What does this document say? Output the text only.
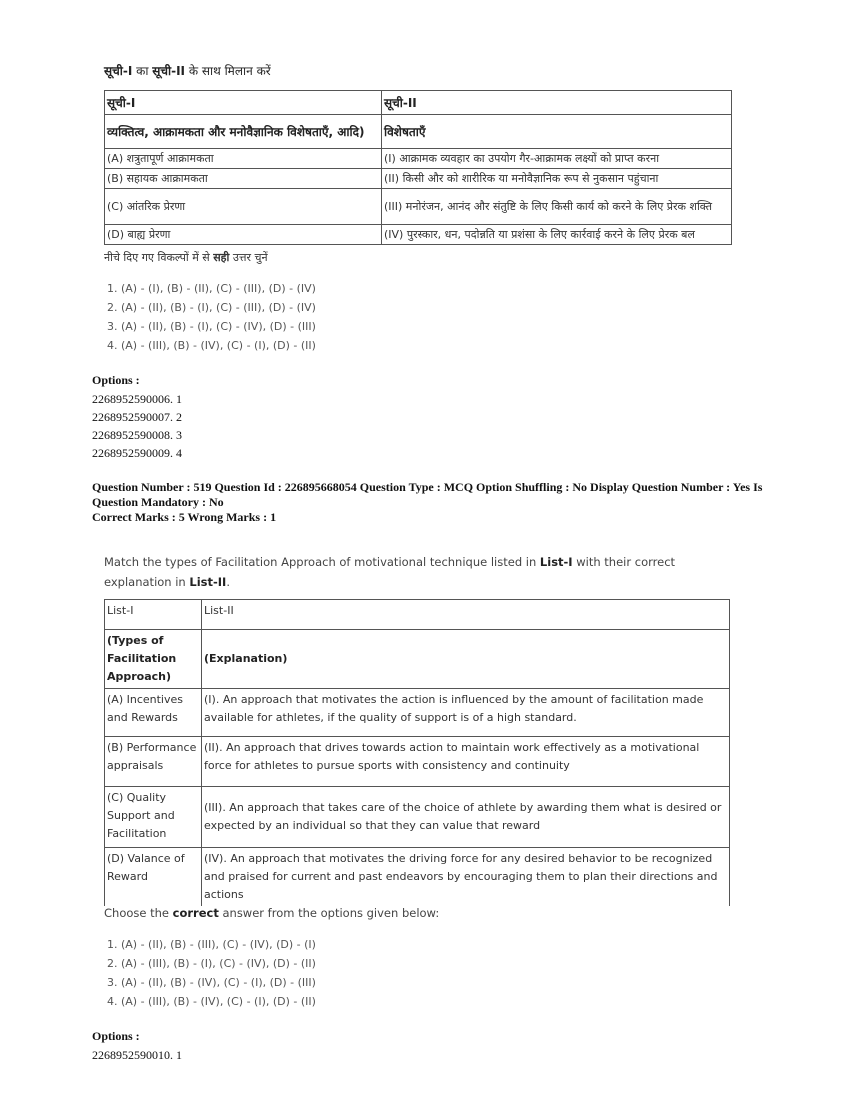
सूची-I का सूची-II के साथ मिलान करें
सूची-I	सूची-II
व्यक्तित्व, आक्रामकता और मनोवैज्ञानिक विशेषताएँ, आदि)	विशेषताएँ
(A) शत्रुतापूर्ण आक्रामकता	(I) आक्रामक व्यवहार का उपयोग गैर-आक्रामक लक्ष्यों को प्राप्त करना
(B) सहायक आक्रामकता	(II) किसी और को शारीरिक या मनोवैज्ञानिक रूप से नुकसान पहुंचाना
(C) आंतरिक प्रेरणा	(III) मनोरंजन, आनंद और संतुष्टि के लिए किसी कार्य को करने के लिए प्रेरक शक्ति
(D) बाह्य प्रेरणा	(IV) पुरस्कार, धन, पदोन्नति या प्रशंसा के लिए कार्रवाई करने के लिए प्रेरक बल
नीचे दिए गए विकल्पों में से सही उत्तर चुनें
1. (A) - (I), (B) - (II), (C) - (III), (D) - (IV)
2. (A) - (II), (B) - (I), (C) - (III), (D) - (IV)
3. (A) - (II), (B) - (I), (C) - (IV), (D) - (III)
4. (A) - (III), (B) - (IV), (C) - (I), (D) - (II)
Options :
2268952590006. 1
2268952590007. 2
2268952590008. 3
2268952590009. 4
Question Number : 519 Question Id : 226895668054 Question Type : MCQ Option Shuffling : No Display Question Number : Yes Is Question Mandatory : No
Correct Marks : 5 Wrong Marks : 1
Match the types of Facilitation Approach of motivational technique listed in List-I with their correct explanation in List-II.
List-I	List-II
(Types of Facilitation Approach)	(Explanation)
(A) Incentives and Rewards	(I). An approach that motivates the action is influenced by the amount of facilitation made available for athletes, if the quality of support is of a high standard.
(B) Performance appraisals	(II). An approach that drives towards action to maintain work effectively as a motivational force for athletes to pursue sports with consistency and continuity
(C) Quality Support and Facilitation	(III). An approach that takes care of the choice of athlete by awarding them what is desired or expected by an individual so that they can value that reward
(D) Valance of Reward	(IV). An approach that motivates the driving force for any desired behavior to be recognized and praised for current and past endeavors by encouraging them to plan their directions and actions
Choose the correct answer from the options given below:
1. (A) - (II), (B) - (III), (C) - (IV), (D) - (I)
2. (A) - (III), (B) - (I), (C) - (IV), (D) - (II)
3. (A) - (II), (B) - (IV), (C) - (I), (D) - (III)
4. (A) - (III), (B) - (IV), (C) - (I), (D) - (II)
Options :
2268952590010. 1
